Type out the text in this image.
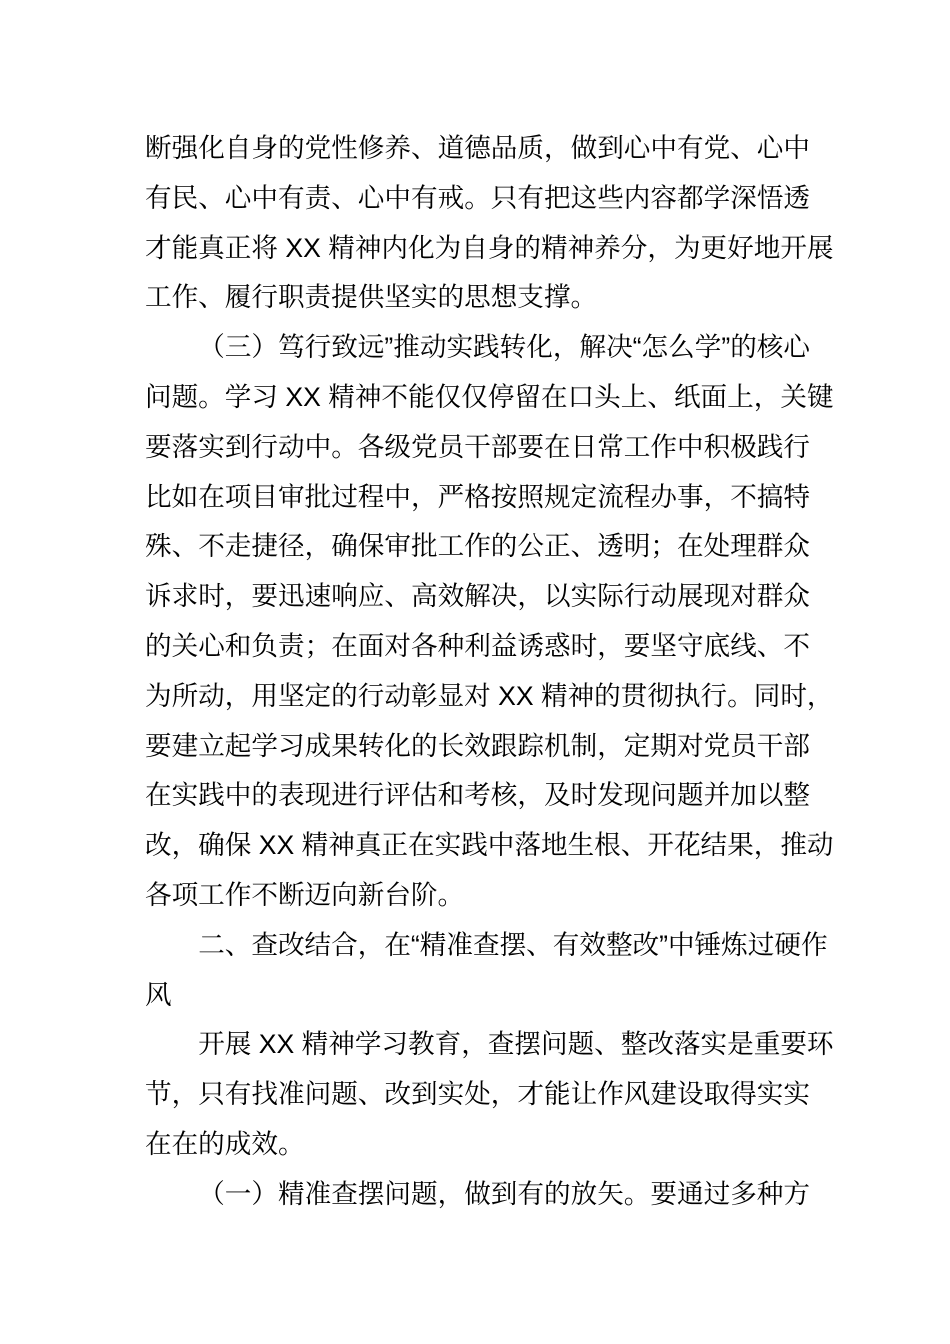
断强化自身的党性修养、道德品质，做到心中有党、心中
有民、心中有责、心中有戒。只有把这些内容都学深悟透
才能真正将 XX 精神内化为自身的精神养分，为更好地开展
工作、履行职责提供坚实的思想支撑。
（三）笃行致远”推动实践转化，解决“怎么学”的核心
问题。学习 XX 精神不能仅仅停留在口头上、纸面上，关键
要落实到行动中。各级党员干部要在日常工作中积极践行
比如在项目审批过程中，严格按照规定流程办事，不搞特
殊、不走捷径，确保审批工作的公正、透明；在处理群众
诉求时，要迅速响应、高效解决，以实际行动展现对群众
的关心和负责；在面对各种利益诱惑时，要坚守底线、不
为所动，用坚定的行动彰显对 XX 精神的贯彻执行。同时，
要建立起学习成果转化的长效跟踪机制，定期对党员干部
在实践中的表现进行评估和考核，及时发现问题并加以整
改，确保 XX 精神真正在实践中落地生根、开花结果，推动
各项工作不断迈向新台阶。
二、查改结合，在“精准查摆、有效整改”中锤炼过硬作
风
开展 XX 精神学习教育，查摆问题、整改落实是重要环
节，只有找准问题、改到实处，才能让作风建设取得实实
在在的成效。
（一）精准查摆问题，做到有的放矢。要通过多种方
